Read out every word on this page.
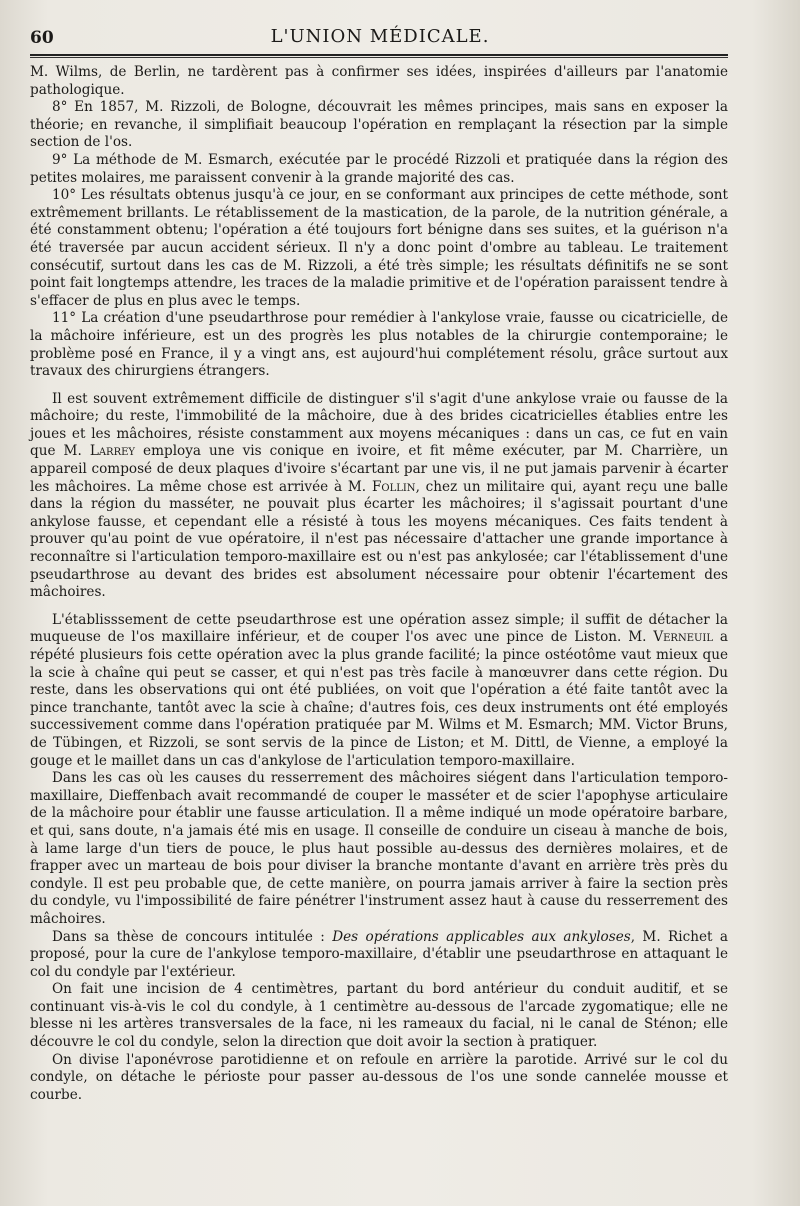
60	L'UNION MÉDICALE.

M. Wilms, de Berlin, ne tardèrent pas à confirmer ses idées, inspirées d'ailleurs par l'anatomie pathologique.

8° En 1857, M. Rizzoli, de Bologne, découvrait les mêmes principes, mais sans en exposer la théorie; en revanche, il simplifiait beaucoup l'opération en remplaçant la résection par la simple section de l'os.

9° La méthode de M. Esmarch, exécutée par le procédé Rizzoli et pratiquée dans la région des petites molaires, me paraissent convenir à la grande majorité des cas.

10° Les résultats obtenus jusqu'à ce jour, en se conformant aux principes de cette méthode, sont extrêmement brillants. Le rétablissement de la mastication, de la parole, de la nutrition générale, a été constamment obtenu; l'opération a été toujours fort bénigne dans ses suites, et la guérison n'a été traversée par aucun accident sérieux. Il n'y a donc point d'ombre au tableau. Le traitement consécutif, surtout dans les cas de M. Rizzoli, a été très simple; les résultats définitifs ne se sont point fait longtemps attendre, les traces de la maladie primitive et de l'opération paraissent tendre à s'effacer de plus en plus avec le temps.

11° La création d'une pseudarthrose pour remédier à l'ankylose vraie, fausse ou cicatricielle, de la mâchoire inférieure, est un des progrès les plus notables de la chirurgie contemporaine; le problème posé en France, il y a vingt ans, est aujourd'hui complétement résolu, grâce surtout aux travaux des chirurgiens étrangers.

Il est souvent extrêmement difficile de distinguer s'il s'agit d'une ankylose vraie ou fausse de la mâchoire; du reste, l'immobilité de la mâchoire, due à des brides cicatricielles établies entre les joues et les mâchoires, résiste constamment aux moyens mécaniques : dans un cas, ce fut en vain que M. Larrey employa une vis conique en ivoire, et fit même exécuter, par M. Charrière, un appareil composé de deux plaques d'ivoire s'écartant par une vis, il ne put jamais parvenir à écarter les mâchoires. La même chose est arrivée à M. Follin, chez un militaire qui, ayant reçu une balle dans la région du masséter, ne pouvait plus écarter les mâchoires; il s'agissait pourtant d'une ankylose fausse, et cependant elle a résisté à tous les moyens mécaniques. Ces faits tendent à prouver qu'au point de vue opératoire, il n'est pas nécessaire d'attacher une grande importance à reconnaître si l'articulation temporo-maxillaire est ou n'est pas ankylosée; car l'établissement d'une pseudarthrose au devant des brides est absolument nécessaire pour obtenir l'écartement des mâchoires.

L'établisssement de cette pseudarthrose est une opération assez simple; il suffit de détacher la muqueuse de l'os maxillaire inférieur, et de couper l'os avec une pince de Liston. M. Verneuil a répété plusieurs fois cette opération avec la plus grande facilité; la pince ostéotôme vaut mieux que la scie à chaîne qui peut se casser, et qui n'est pas très facile à manœuvrer dans cette région. Du reste, dans les observations qui ont été publiées, on voit que l'opération a été faite tantôt avec la pince tranchante, tantôt avec la scie à chaîne; d'autres fois, ces deux instruments ont été employés successivement comme dans l'opération pratiquée par M. Wilms et M. Esmarch; MM. Victor Bruns, de Tübingen, et Rizzoli, se sont servis de la pince de Liston; et M. Dittl, de Vienne, a employé la gouge et le maillet dans un cas d'ankylose de l'articulation temporo-maxillaire.

Dans les cas où les causes du resserrement des mâchoires siégent dans l'articulation temporo-maxillaire, Dieffenbach avait recommandé de couper le masséter et de scier l'apophyse articulaire de la mâchoire pour établir une fausse articulation. Il a même indiqué un mode opératoire barbare, et qui, sans doute, n'a jamais été mis en usage. Il conseille de conduire un ciseau à manche de bois, à lame large d'un tiers de pouce, le plus haut possible au-dessus des dernières molaires, et de frapper avec un marteau de bois pour diviser la branche montante d'avant en arrière très près du condyle. Il est peu probable que, de cette manière, on pourra jamais arriver à faire la section près du condyle, vu l'impossibilité de faire pénétrer l'instrument assez haut à cause du resserrement des mâchoires.

Dans sa thèse de concours intitulée : Des opérations applicables aux ankyloses, M. Richet a proposé, pour la cure de l'ankylose temporo-maxillaire, d'établir une pseudarthrose en attaquant le col du condyle par l'extérieur.

On fait une incision de 4 centimètres, partant du bord antérieur du conduit auditif, et se continuant vis-à-vis le col du condyle, à 1 centimètre au-dessous de l'arcade zygomatique; elle ne blesse ni les artères transversales de la face, ni les rameaux du facial, ni le canal de Sténon; elle découvre le col du condyle, selon la direction que doit avoir la section à pratiquer.

On divise l'aponévrose parotidienne et on refoule en arrière la parotide. Arrivé sur le col du condyle, on détache le périoste pour passer au-dessous de l'os une sonde cannelée mousse et courbe.
